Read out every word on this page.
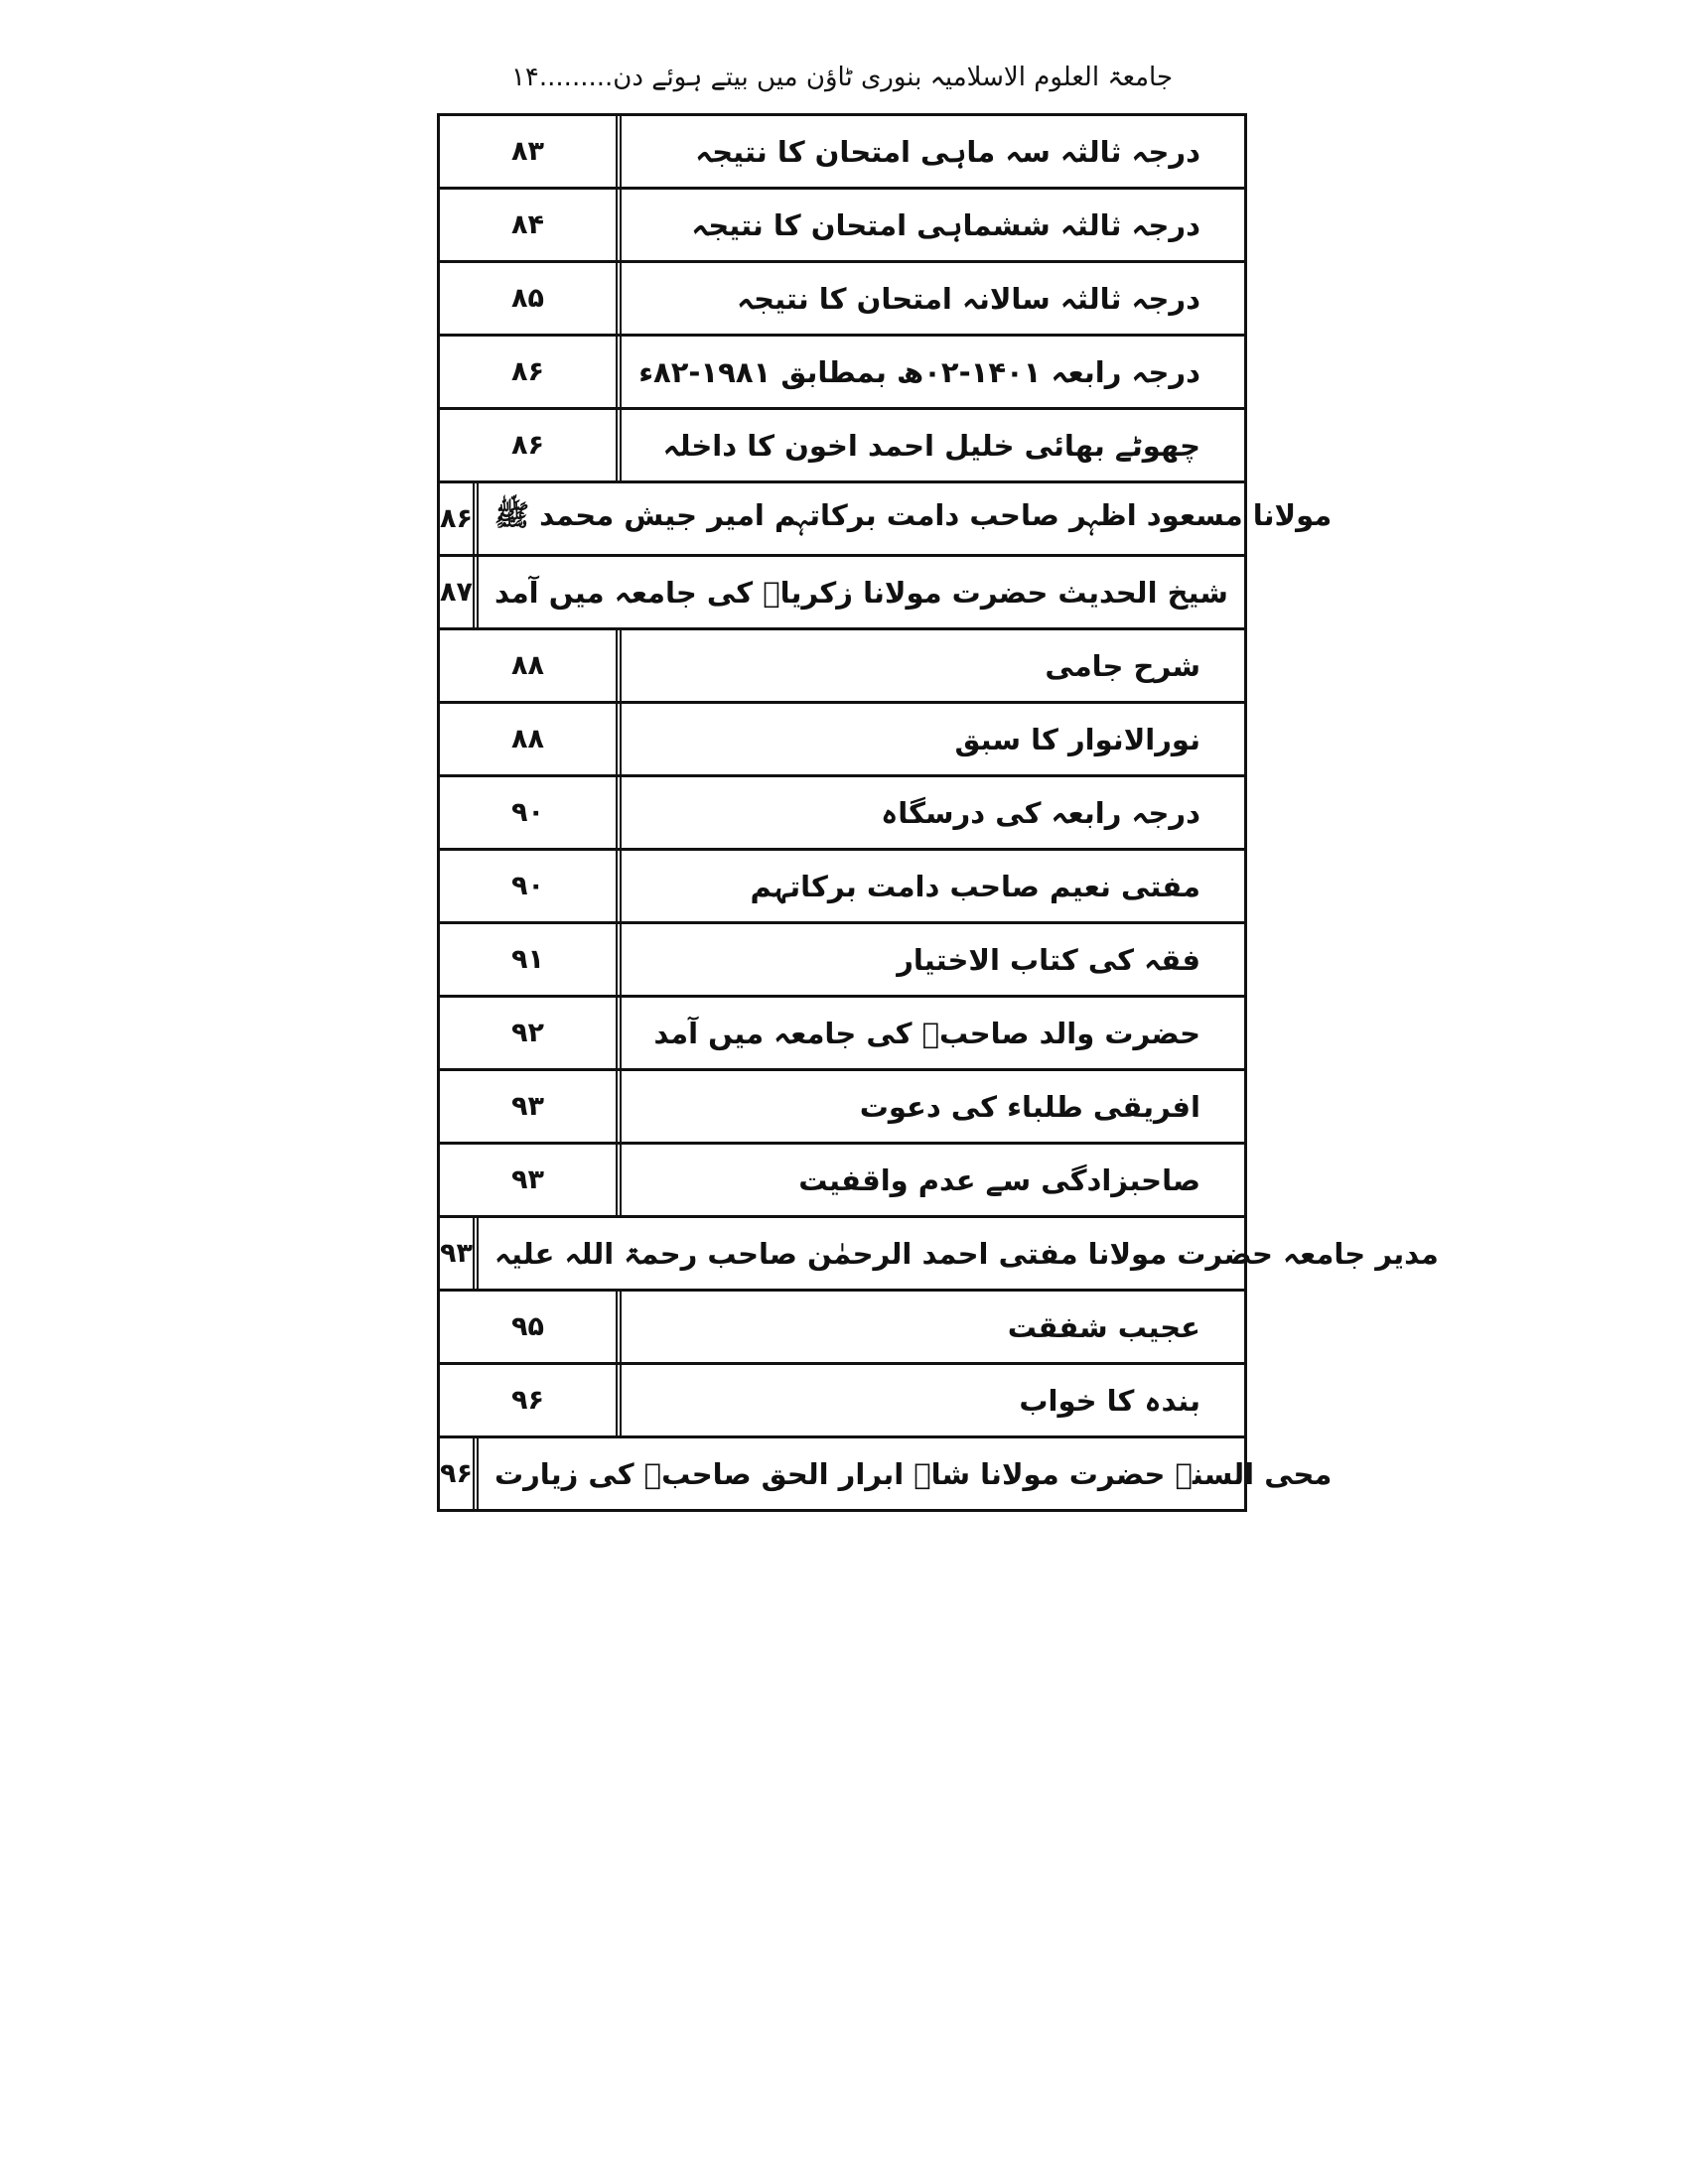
جامعۃ العلوم الاسلامیہ بنوری ٹاؤن میں بیتے ہوئے دن.........۱۴
۸۳	درجہ ثالثہ سہ ماہی امتحان کا نتیجہ
۸۴	درجہ ثالثہ ششماہی امتحان کا نتیجہ
۸۵	درجہ ثالثہ سالانہ امتحان کا نتیجہ
۸۶	درجہ رابعہ ۱۴۰۱-۰۲ھ بمطابق ۱۹۸۱-۸۲ء
۸۶	چھوٹے بھائی خلیل احمد اخون کا داخلہ
۸۶ مولانا مسعود اظہر صاحب دامت برکاتہم امیر جیش محمد ﷺ
۸۷ شیخ الحدیث حضرت مولانا زکریاؒ کی جامعہ میں آمد
۸۸	شرح جامی
۸۸	نورالانوار کا سبق
۹۰	درجہ رابعہ کی درسگاہ
۹۰	مفتی نعیم صاحب دامت برکاتہم
۹۱	فقہ کی کتاب الاختیار
۹۲	حضرت والد صاحبؒ کی جامعہ میں آمد
۹۳	افریقی طلباء کی دعوت
۹۳	صاحبزادگی سے عدم واقفیت
۹۳ مدیر جامعہ حضرت مولانا مفتی احمد الرحمٰن صاحب رحمۃ اللہ علیہ
۹۵	عجیب شفقت
۹۶	بندہ کا خواب
۹۶ محی السنہ حضرت مولانا شاہ ابرار الحق صاحبؒ کی زیارت
